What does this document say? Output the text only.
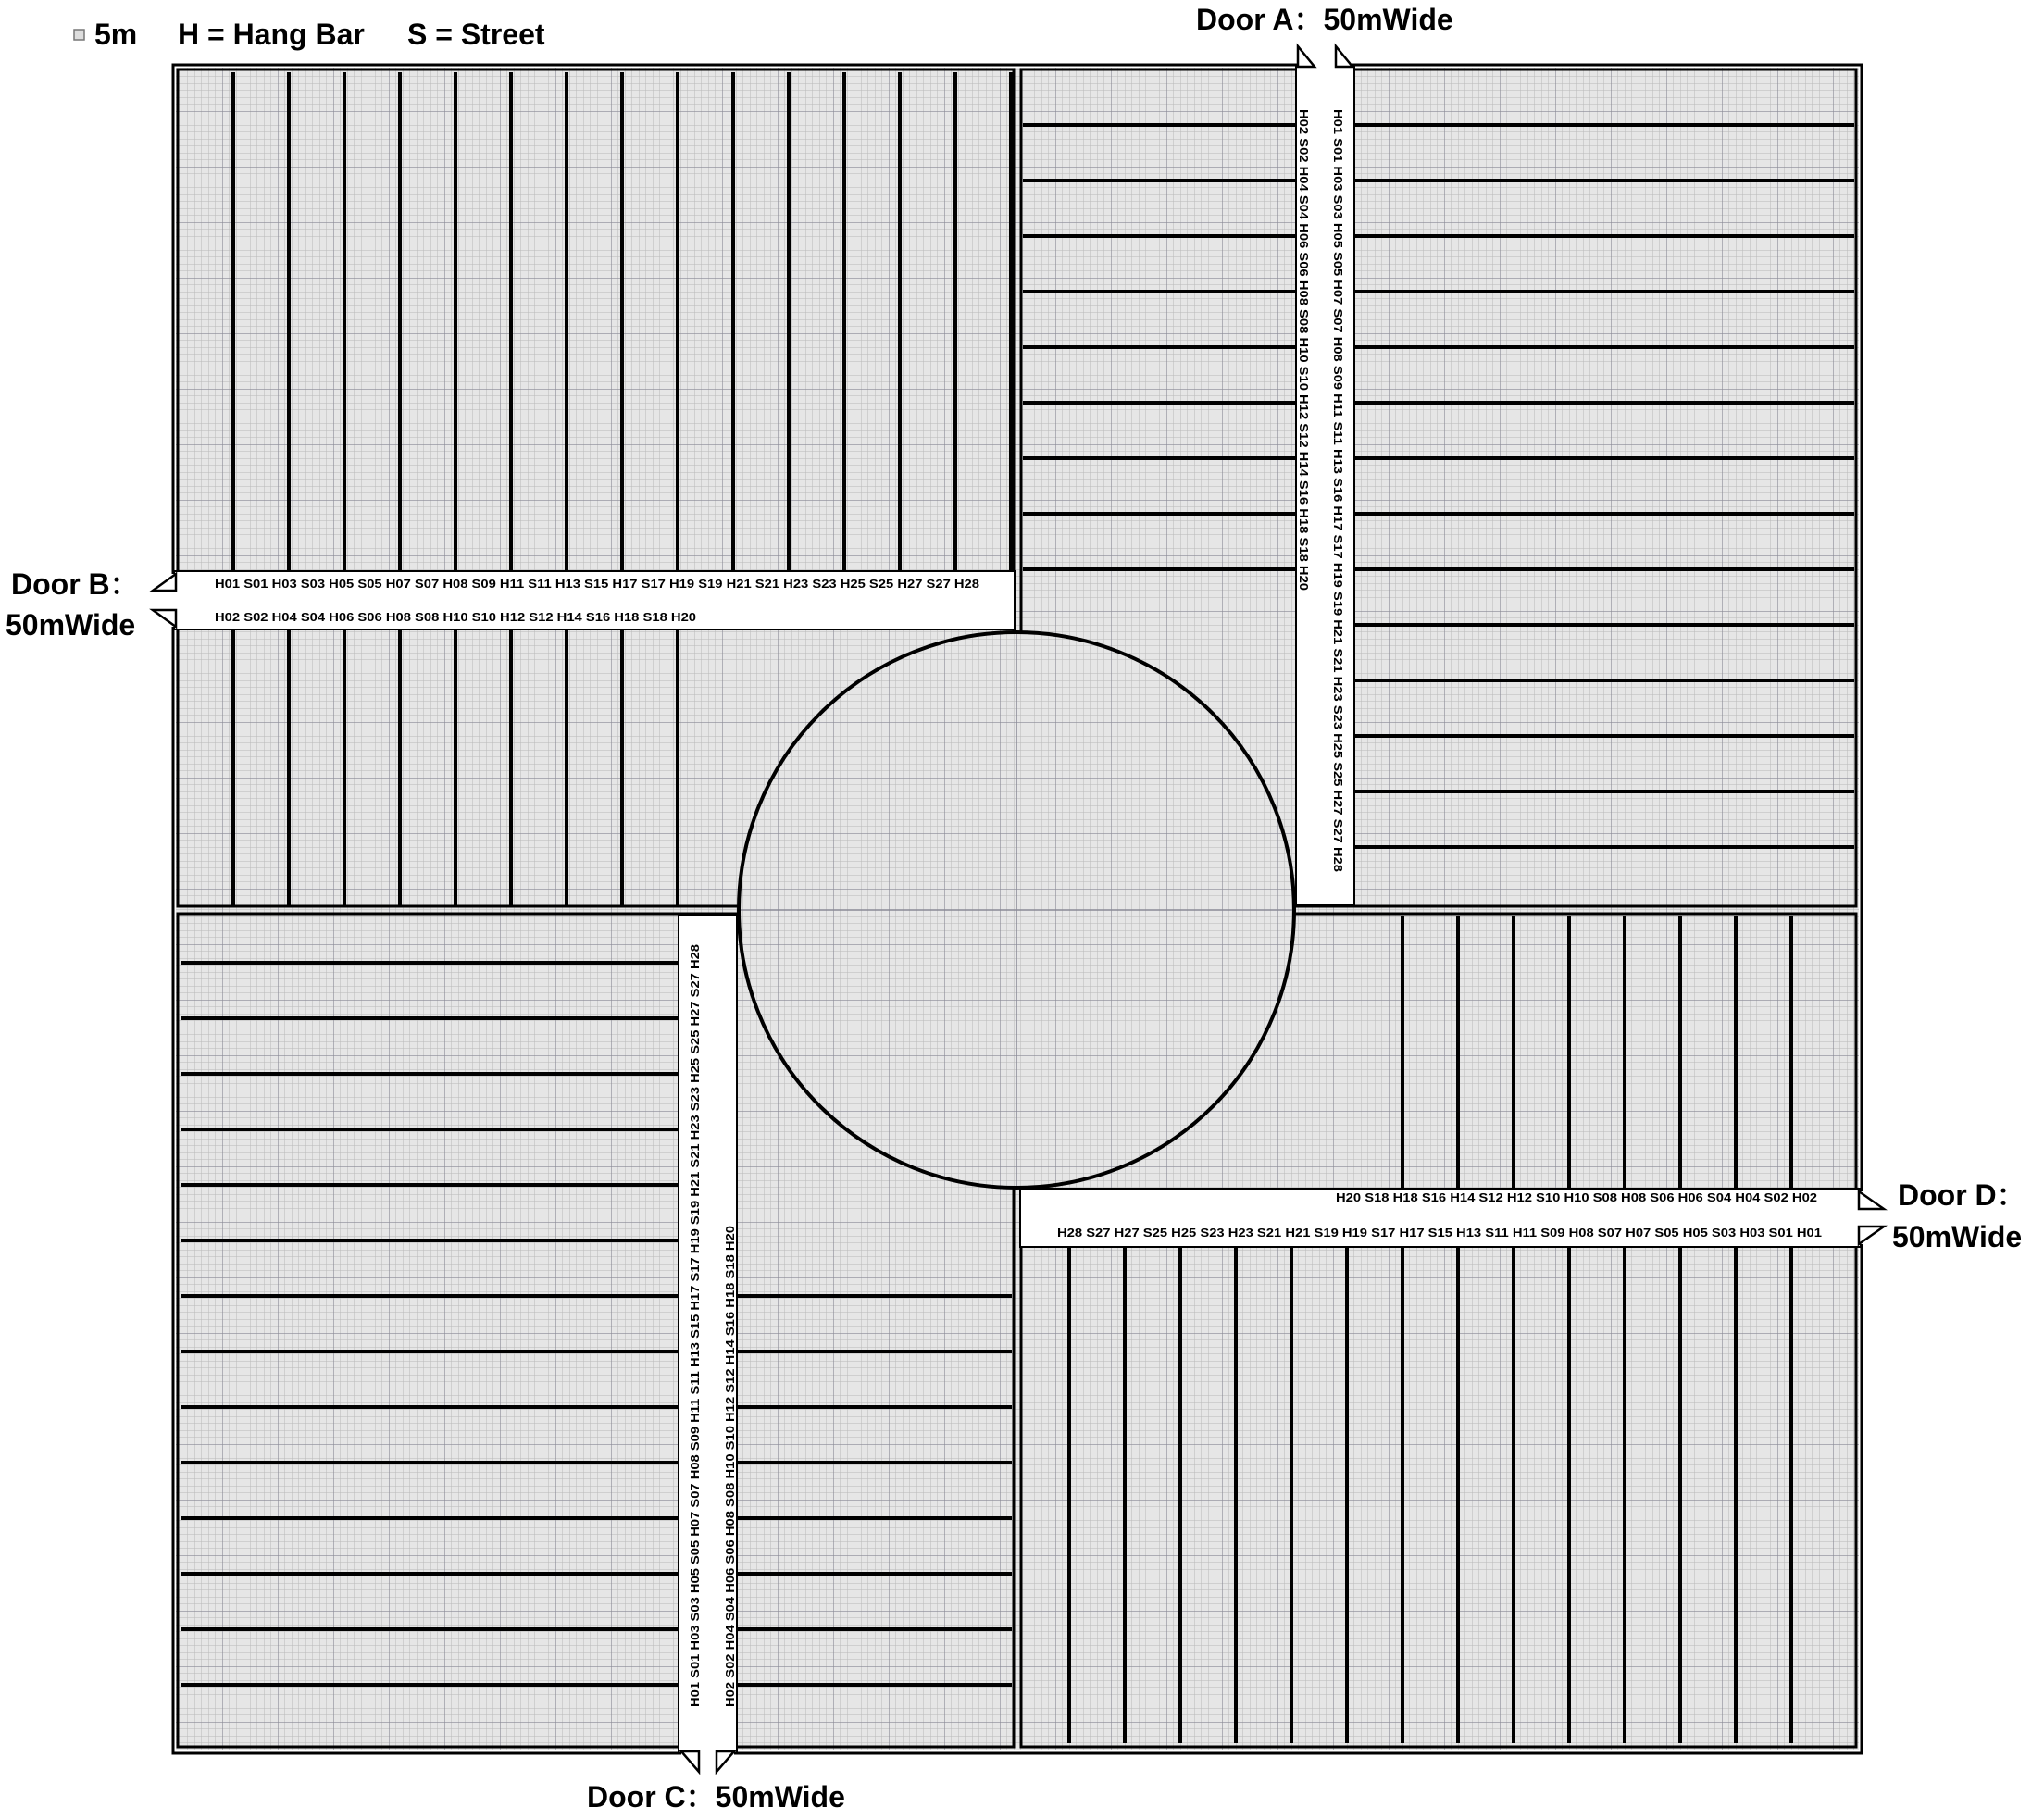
5m H = Hang Bar S = Street	Door A：50mWide
Door B：
50mWide
Door C：50mWide
Door D：
50mWide
H01 S01 H03 S03 H05 S05 H07 S07 H08 S09 H11 S11 H13 S15 H17 S17 H19 S19 H21 S21 H23 S23 H25 S25 H27 S27 H28
H02 S02 H04 S04 H06 S06 H08 S08 H10 S10 H12 S12 H14 S16 H18 S18 H20
H20 S18 H18 S16 H14 S12 H12 S10 H10 S08 H08 S06 H06 S04 H04 S02 H02
H28 S27 H27 S25 H25 S23 H23 S21 H21 S19 H19 S17 H17 S15 H13 S11 H11 S09 H08 S07 H07 S05 H05 S03 H03 S01 H01
H01 S01 H03 S03 H05 S05 H07 S07 H08 S09 H11 S11 H13 S16 H17 S17 H19 S19 H21 S21 H23 S23 H25 S25 H27 S27 H28
H02 S02 H04 S04 H06 S06 H08 S08 H10 S10 H12 S12 H14 S16 H18 S18 H20
H01 S01 H03 S03 H05 S05 H07 S07 H08 S09 H11 S11 H13 S15 H17 S17 H19 S19 H21 S21 H23 S23 H25 S25 H27 S27 H28 H02 S02 H04 S04 H06 S06 H08 S08 H10 S10 H12 S12 H14 S16 H18 S18 H20
